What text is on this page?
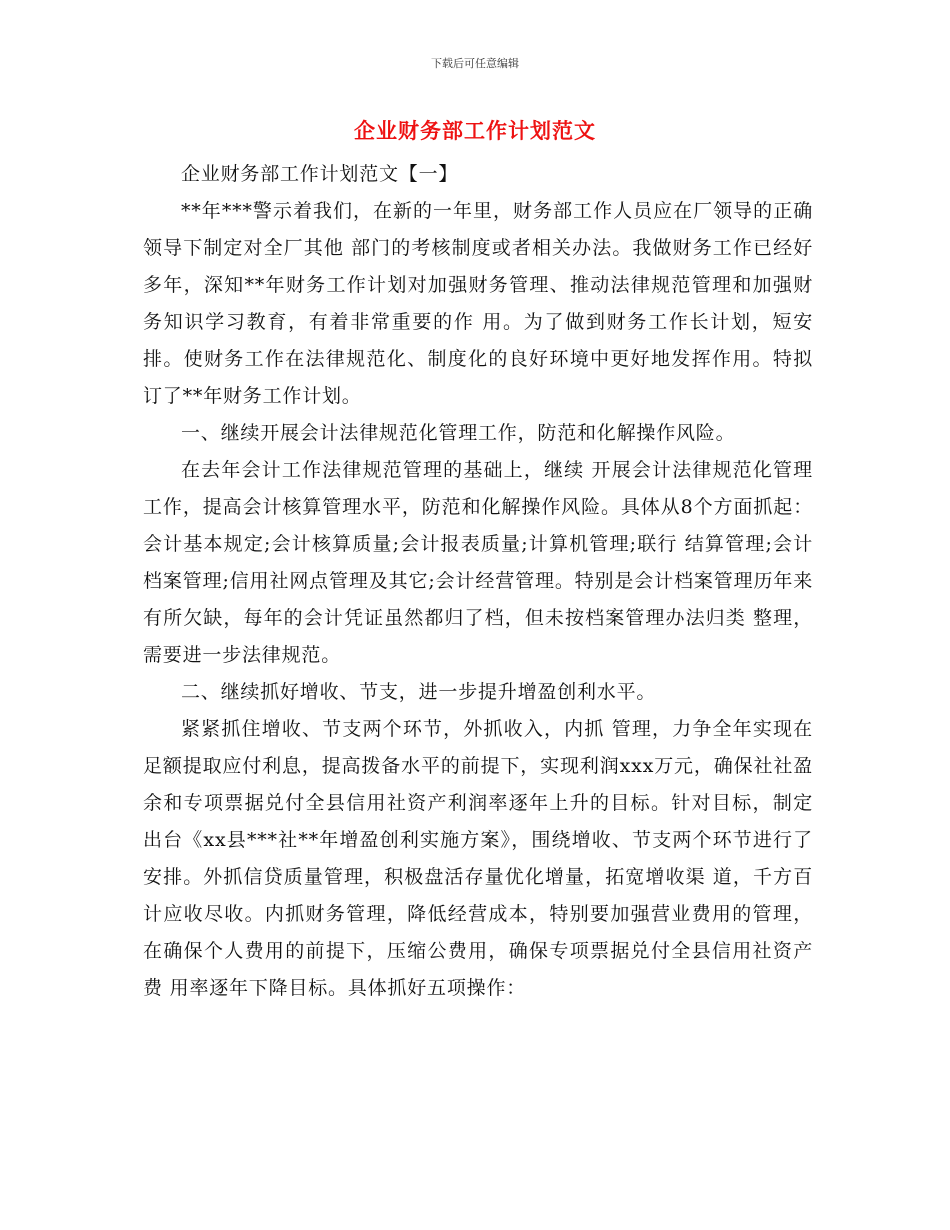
下载后可任意编辑
企业财务部工作计划范文

企业财务部工作计划范文【一】

**年***警示着我们，在新的一年里，财务部工作人员应在厂领导的正确领导下制定对全厂其他 部门的考核制度或者相关办法。我做财务工作已经好多年，深知**年财务工作计划对加强财务管理、推动法律规范管理和加强财务知识学习教育，有着非常重要的作 用。为了做到财务工作长计划，短安排。使财务工作在法律规范化、制度化的良好环境中更好地发挥作用。特拟订了**年财务工作计划。

一、继续开展会计法律规范化管理工作，防范和化解操作风险。

在去年会计工作法律规范管理的基础上，继续 开展会计法律规范化管理工作，提高会计核算管理水平，防范和化解操作风险。具体从8个方面抓起：会计基本规定;会计核算质量;会计报表质量;计算机管理;联行 结算管理;会计档案管理;信用社网点管理及其它;会计经营管理。特别是会计档案管理历年来有所欠缺，每年的会计凭证虽然都归了档，但未按档案管理办法归类 整理，需要进一步法律规范。

二、继续抓好增收、节支，进一步提升增盈创利水平。

紧紧抓住增收、节支两个环节，外抓收入，内抓 管理，力争全年实现在足额提取应付利息，提高拨备水平的前提下，实现利润xxx万元，确保社社盈余和专项票据兑付全县信用社资产利润率逐年上升的目标。针对目标，制定出台《xx县***社**年增盈创利实施方案》，围绕增收、节支两个环节进行了安排。外抓信贷质量管理，积极盘活存量优化增量，拓宽增收渠 道，千方百计应收尽收。内抓财务管理，降低经营成本，特别要加强营业费用的管理，在确保个人费用的前提下，压缩公费用，确保专项票据兑付全县信用社资产费 用率逐年下降目标。具体抓好五项操作：
